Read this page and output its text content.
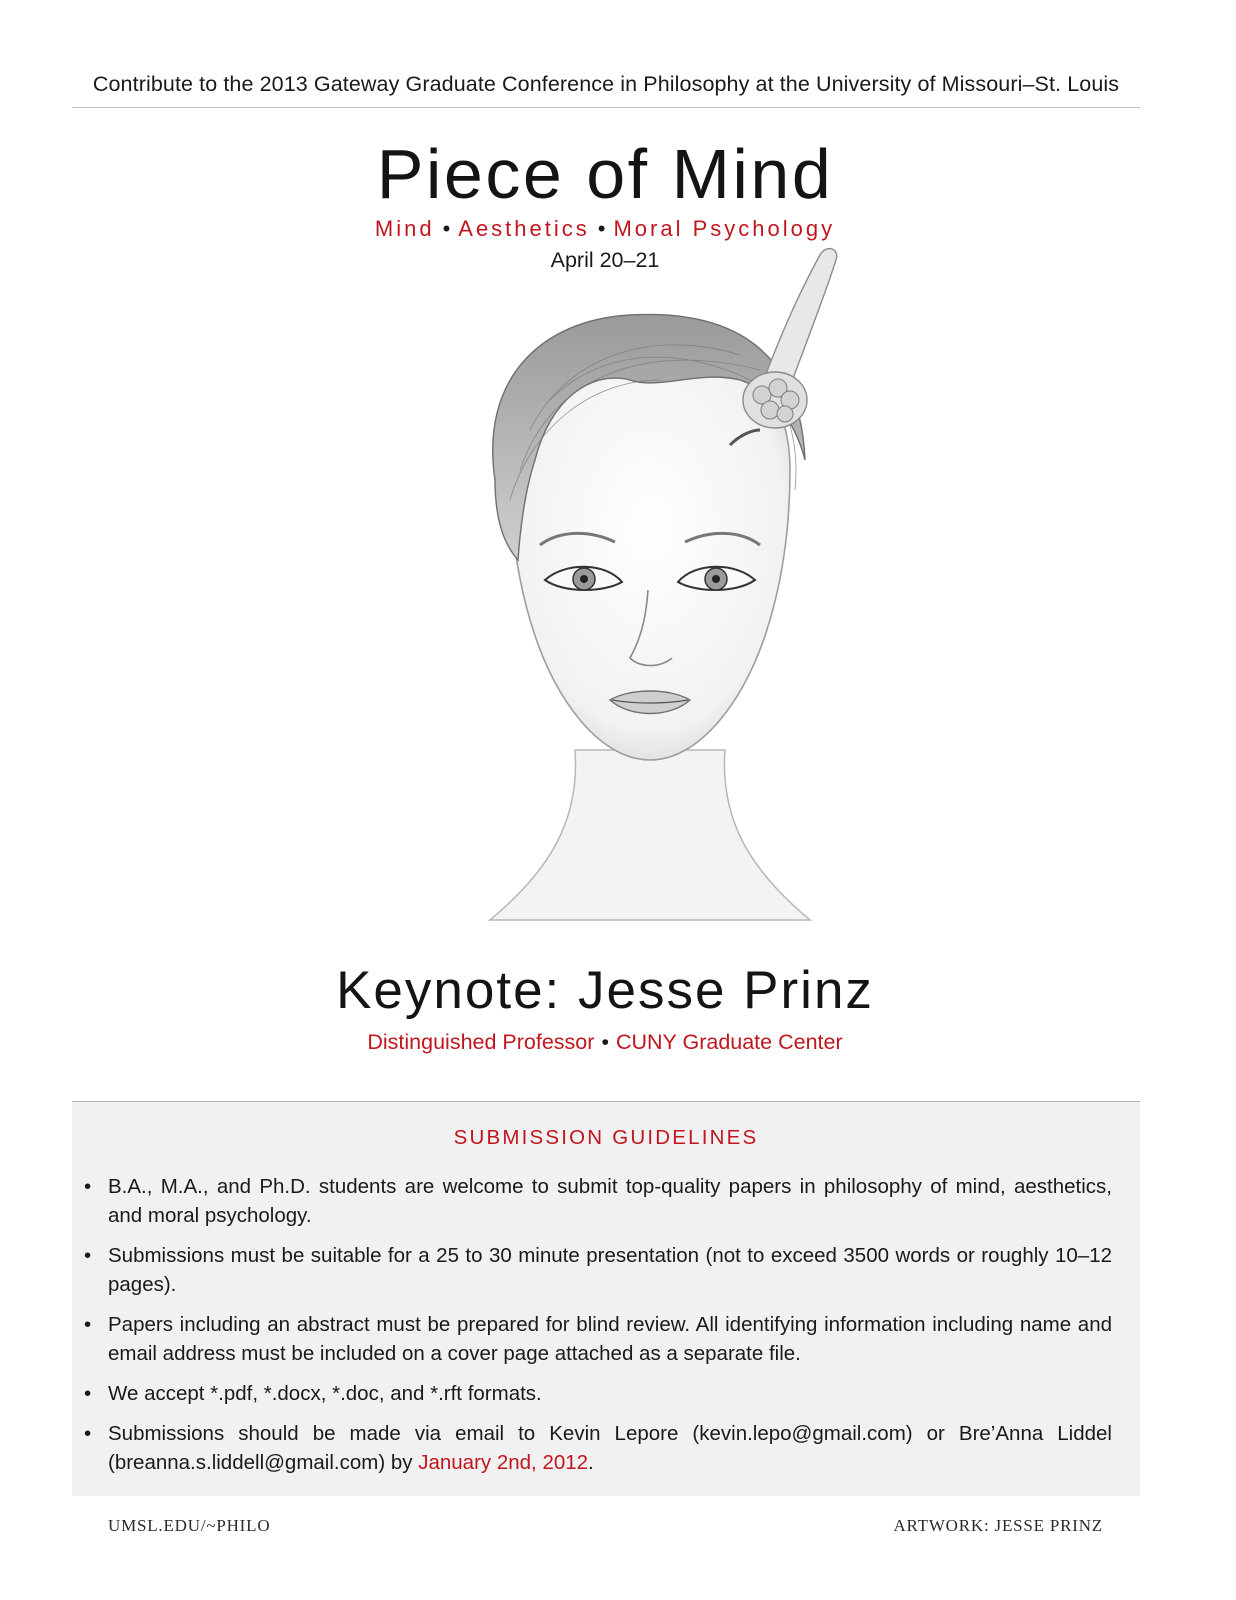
Contribute to the 2013 Gateway Graduate Conference in Philosophy at the University of Missouri–St. Louis
Piece of Mind
Mind • Aesthetics • Moral Psychology
April 20–21
Keynote: Jesse Prinz
Distinguished Professor • CUNY Graduate Center
SUBMISSION GUIDELINES
• B.A., M.A., and Ph.D. students are welcome to submit top-quality papers in philosophy of mind, aesthetics, and moral psychology.
• Submissions must be suitable for a 25 to 30 minute presentation (not to exceed 3500 words or roughly 10–12 pages).
• Papers including an abstract must be prepared for blind review. All identifying information including name and email address must be included on a cover page attached as a separate file.
• We accept *.pdf, *.docx, *.doc, and *.rft formats.
• Submissions should be made via email to Kevin Lepore (kevin.lepo@gmail.com) or Bre’Anna Liddel (breanna.s.liddell@gmail.com) by January 2nd, 2012.
UMSL.EDU/~PHILO	ARTWORK: JESSE PRINZ
